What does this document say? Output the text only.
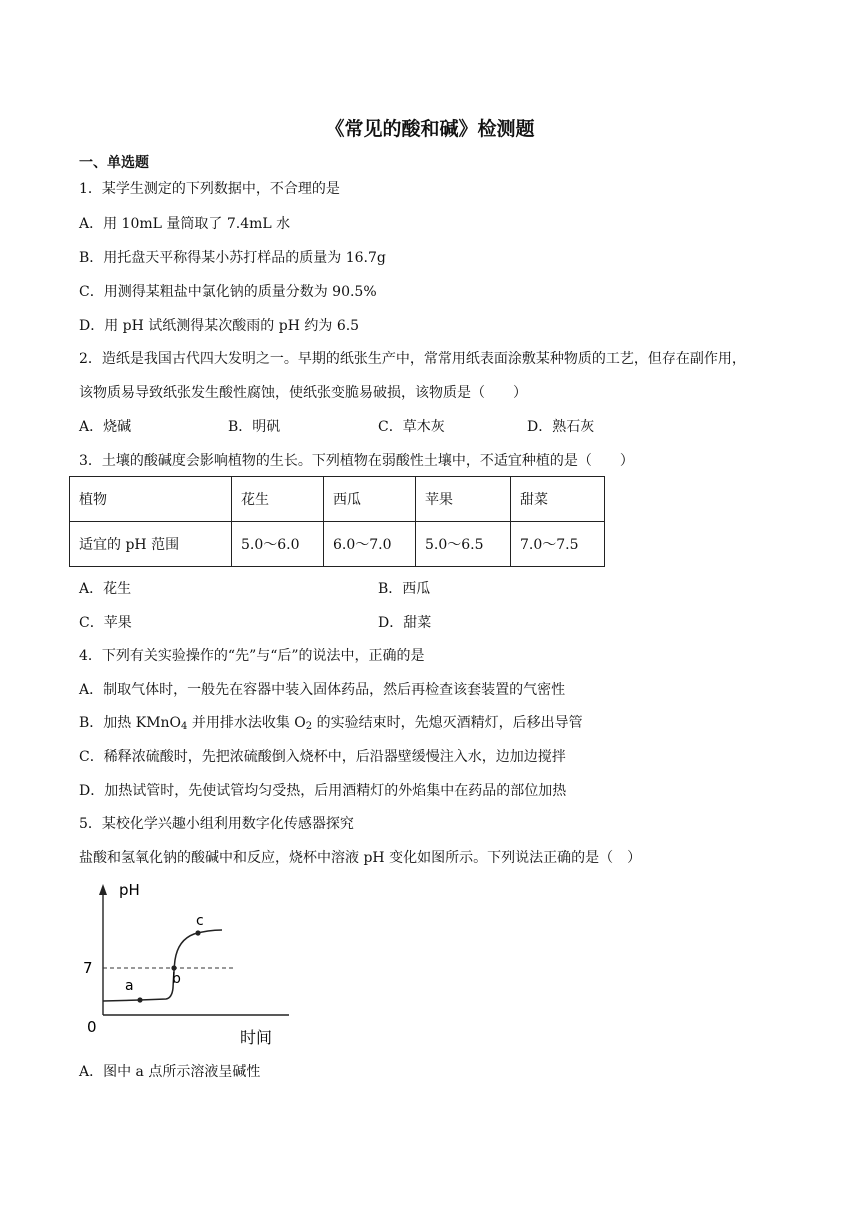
《常见的酸和碱》检测题
一、单选题
1．某学生测定的下列数据中，不合理的是
A．用 10mL 量筒取了 7.4mL 水
B．用托盘天平称得某小苏打样品的质量为 16.7g
C．用测得某粗盐中氯化钠的质量分数为 90.5%
D．用 pH 试纸测得某次酸雨的 pH 约为 6.5
2．造纸是我国古代四大发明之一。早期的纸张生产中，常常用纸表面涂敷某种物质的工艺，但存在副作用，
该物质易导致纸张发生酸性腐蚀，使纸张变脆易破损，该物质是（　　）
A．烧碱	B．明矾	C．草木灰	D．熟石灰
3．土壤的酸碱度会影响植物的生长。下列植物在弱酸性土壤中，不适宜种植的是（　　）
植物	花生	西瓜	苹果	甜菜
适宜的 pH 范围	5.0～6.0	6.0～7.0	5.0～6.5	7.0～7.5
A．花生	B．西瓜
C．苹果	D．甜菜
4．下列有关实验操作的“先”与“后”的说法中，正确的是
A．制取气体时，一般先在容器中装入固体药品，然后再检查该套装置的气密性
B．加热 KMnO$_4$ 并用排水法收集 $O_2$ 的实验结束时，先熄灭酒精灯，后移出导管
C．稀释浓硫酸时，先把浓硫酸倒入烧杯中，后沿器壁缓慢注入水，边加边搅拌
D．加热试管时，先使试管均匀受热，后用酒精灯的外焰集中在药品的部位加热
5．某校化学兴趣小组利用数字化传感器探究
盐酸和氢氧化钠的酸碱中和反应，烧杯中溶液 pH 变化如图所示。下列说法正确的是（　）
pH
时间
0
7
a	b
c
A．图中 a 点所示溶液呈碱性
